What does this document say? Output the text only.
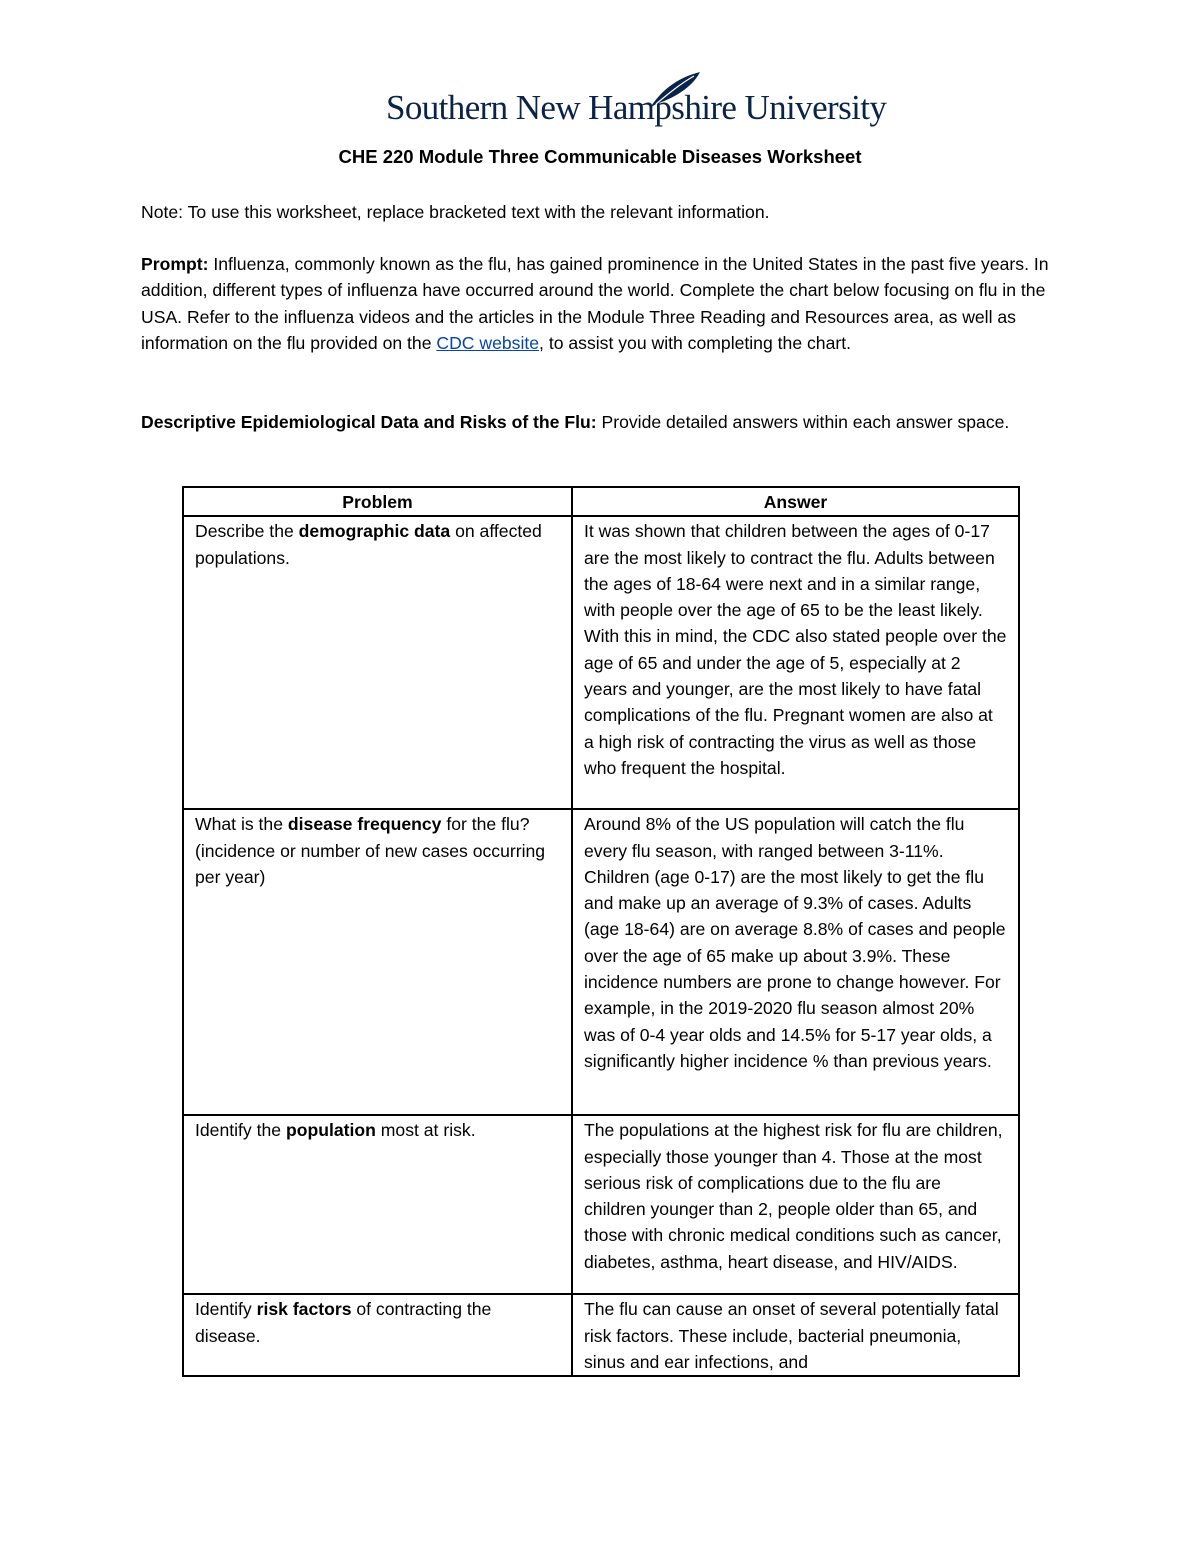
Southern New Hampshire University
CHE 220 Module Three Communicable Diseases Worksheet
Note: To use this worksheet, replace bracketed text with the relevant information.
Prompt: Influenza, commonly known as the flu, has gained prominence in the United States in the past five years. In addition, different types of influenza have occurred around the world. Complete the chart below focusing on flu in the USA. Refer to the influenza videos and the articles in the Module Three Reading and Resources area, as well as information on the flu provided on the CDC website, to assist you with completing the chart.
Descriptive Epidemiological Data and Risks of the Flu: Provide detailed answers within each answer space.
Problem	Answer
Describe the demographic data on affected populations.	It was shown that children between the ages of 0-17 are the most likely to contract the flu. Adults between the ages of 18-64 were next and in a similar range, with people over the age of 65 to be the least likely. With this in mind, the CDC also stated people over the age of 65 and under the age of 5, especially at 2 years and younger, are the most likely to have fatal complications of the flu. Pregnant women are also at a high risk of contracting the virus as well as those who frequent the hospital.
What is the disease frequency for the flu? (incidence or number of new cases occurring per year)	Around 8% of the US population will catch the flu every flu season, with ranged between 3-11%. Children (age 0-17) are the most likely to get the flu and make up an average of 9.3% of cases. Adults (age 18-64) are on average 8.8% of cases and people over the age of 65 make up about 3.9%. These incidence numbers are prone to change however. For example, in the 2019-2020 flu season almost 20% was of 0-4 year olds and 14.5% for 5-17 year olds, a significantly higher incidence % than previous years.
Identify the population most at risk.	The populations at the highest risk for flu are children, especially those younger than 4. Those at the most serious risk of complications due to the flu are children younger than 2, people older than 65, and those with chronic medical conditions such as cancer, diabetes, asthma, heart disease, and HIV/AIDS.
Identify risk factors of contracting the disease.	The flu can cause an onset of several potentially fatal risk factors. These include, bacterial pneumonia, sinus and ear infections, and
